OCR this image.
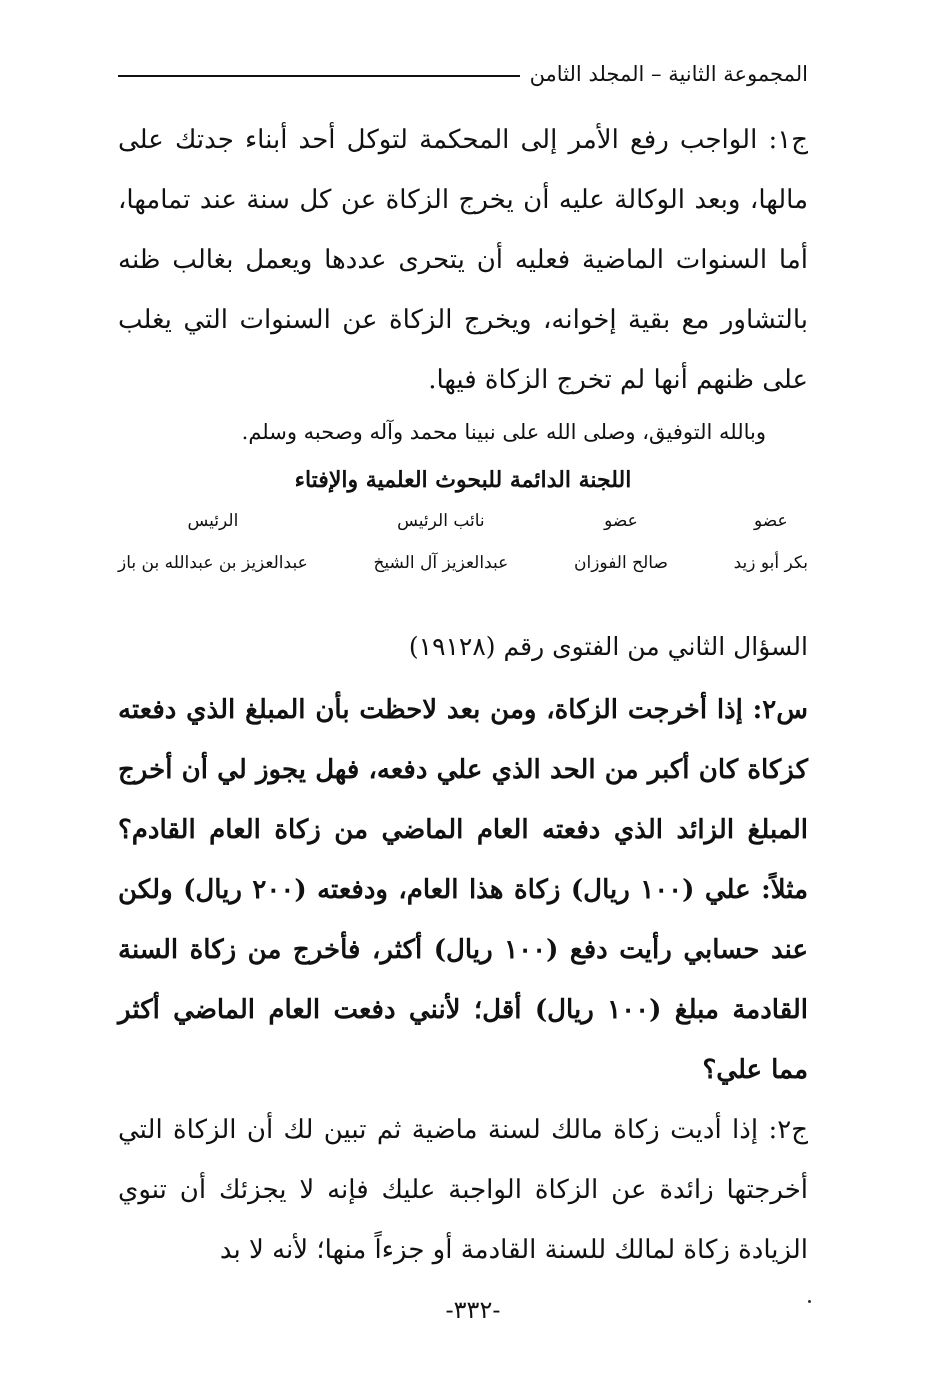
المجموعة الثانية – المجلد الثامن
ج١: الواجب رفع الأمر إلى المحكمة لتوكل أحد أبناء جدتك على مالها، وبعد الوكالة عليه أن يخرج الزكاة عن كل سنة عند تمامها، أما السنوات الماضية فعليه أن يتحرى عددها ويعمل بغالب ظنه بالتشاور مع بقية إخوانه، ويخرج الزكاة عن السنوات التي يغلب على ظنهم أنها لم تخرج الزكاة فيها.
وبالله التوفيق، وصلى الله على نبينا محمد وآله وصحبه وسلم.
اللجنة الدائمة للبحوث العلمية والإفتاء
عضو
بكر أبو زيد
عضو
صالح الفوزان
نائب الرئيس
عبدالعزيز آل الشيخ
الرئيس
عبدالعزيز بن عبدالله بن باز
السؤال الثاني من الفتوى رقم (١٩١٢٨)
س٢: إذا أخرجت الزكاة، ومن بعد لاحظت بأن المبلغ الذي دفعته كزكاة كان أكبر من الحد الذي علي دفعه، فهل يجوز لي أن أخرج المبلغ الزائد الذي دفعته العام الماضي من زكاة العام القادم؟ مثلاً: علي (١٠٠ ريال) زكاة هذا العام، ودفعته (٢٠٠ ريال) ولكن عند حسابي رأيت دفع (١٠٠ ريال) أكثر، فأخرج من زكاة السنة القادمة مبلغ (١٠٠ ريال) أقل؛ لأنني دفعت العام الماضي أكثر مما علي؟
ج٢: إذا أديت زكاة مالك لسنة ماضية ثم تبين لك أن الزكاة التي أخرجتها زائدة عن الزكاة الواجبة عليك فإنه لا يجزئك أن تنوي الزيادة زكاة لمالك للسنة القادمة أو جزءاً منها؛ لأنه لا بد
-٣٣٢-
